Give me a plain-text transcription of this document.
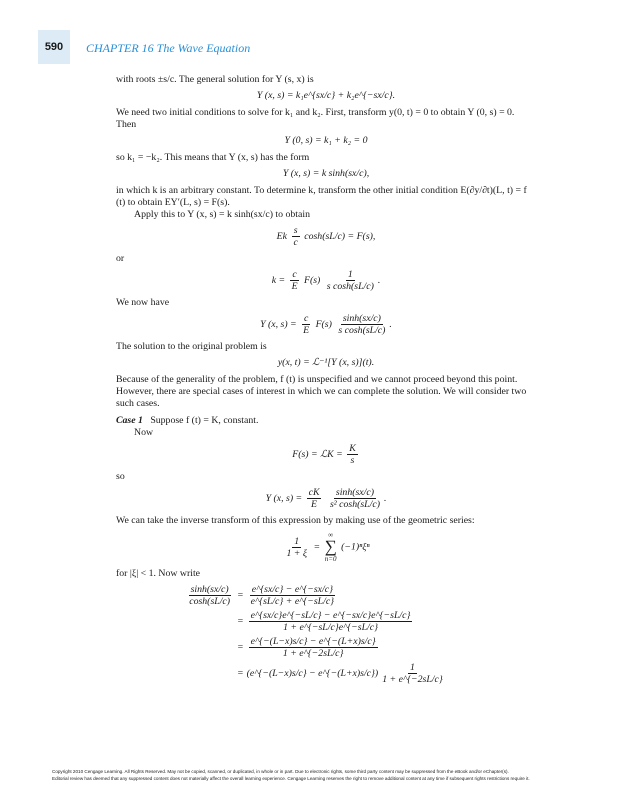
590	CHAPTER 16 The Wave Equation

with roots ±s/c. The general solution for Y (s, x) is

Y (x, s) = k₁e^{sx/c} + k₂e^{−sx/c}.

We need two initial conditions to solve for k₁ and k₂. First, transform y(0, t) = 0 to obtain Y (0, s) = 0. Then

Y (0, s) = k₁ + k₂ = 0

so k₁ = −k₂. This means that Y (x, s) has the form

Y (x, s) = k sinh(sx/c),

in which k is an arbitrary constant. To determine k, transform the other initial condition E(∂y/∂t)(L, t) = f (t) to obtain EY′(L, s) = F(s).

Apply this to Y (x, s) = k sinh(sx/c) to obtain

Ek $\frac{s}{c} \cosh(sL/c) = F(s)$,

or

$k = \frac{c}{E} F(s) \frac{1}{\text{s cosh(sL/c)}}$ .

We now have

Y (x, $s) = \frac{c}{E} F(s) \frac{\sinh(sx/c)}{\text{s cosh(sL/c)}}$ .

The solution to the original problem is

y(x, t) = ℒ⁻¹[Y (x, s)](t).

Because of the generality of the problem, f (t) is unspecified and we cannot proceed beyond this point. However, there are special cases of interest in which we can complete the solution. We will consider two such cases.

Case 1 Suppose f (t) = K, constant.

Now

F(s) = ℒK = $\frac{K}{s}$

so

Y (x, $s) = \frac{cK}{E}$
$\frac{\sinh(sx/c)}{\text{s² cosh(sL/c)}}$ .

We can take the inverse transform of this expression by making use of the geometric series:

$\frac{1}{1 + \xi}$ =
∞
∑
n=0
(−1)ⁿξⁿ

for |ξ| < 1. Now write

$\frac{\sinh(sx/c)}{\cosh(sL/c)} = \frac{e\^{}\{sx/c\} - e\^{}\{-sx/c\}}{e\^{}\{sL/c\} + e\^{}\{-sL/c\}}$
= $\frac{e\^{}\{sx/c\}e\^{}\{-sL/c\} - e\^{}\{-sx/c\}e\^{}\{-sL/c\}}{1 + e\^{}\{-sL/c\}e\^{}\{-sL/c\}}$
= $\frac{e\^{}\{-(L-x)s/c\} - e\^{}\{-(L+x)s/c\}}{1 + e\^{}\{-2sL/c\}}$
= (e^{−(L−x)s/c} − e^{−(L+x)s/c}) $\frac{1}{1 + e\^{}\{-2sL/c\}}$
Copyright 2010 Cengage Learning. All Rights Reserved. May not be copied, scanned, or duplicated, in whole or in part. Due to electronic rights, some third party content may be suppressed from the eBook and/or eChapter(s).
Editorial review has deemed that any suppressed content does not materially affect the overall learning experience. Cengage Learning reserves the right to remove additional content at any time if subsequent rights restrictions require it.
